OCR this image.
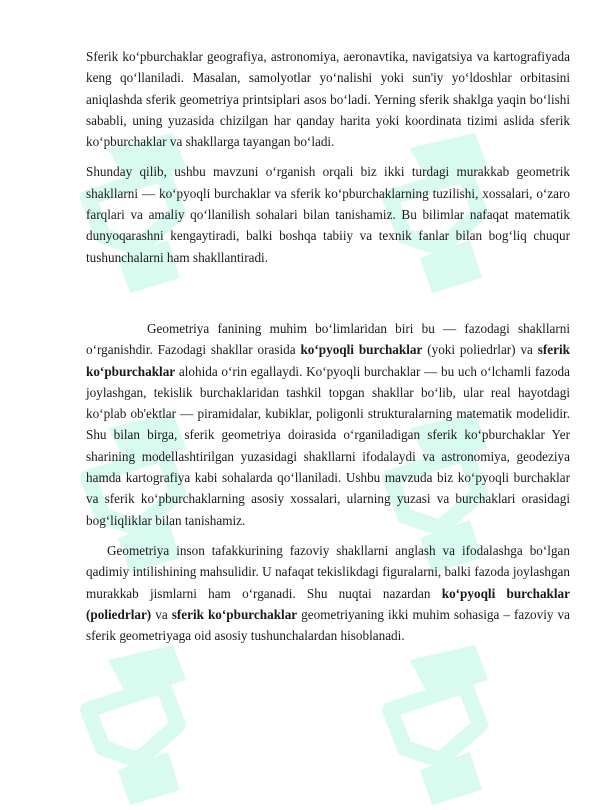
Sferik koʻpburchaklar geografiya, astronomiya, aeronavtika, navigatsiya va kartografiyada keng qoʻllaniladi. Masalan, samolyotlar yoʻnalishi yoki sun'iy yoʻldoshlar orbitasini aniqlashda sferik geometriya printsiplari asos boʻladi. Yerning sferik shaklga yaqin boʻlishi sababli, uning yuzasida chizilgan har qanday harita yoki koordinata tizimi aslida sferik koʻpburchaklar va shakllarga tayangan boʻladi.

Shunday qilib, ushbu mavzuni oʻrganish orqali biz ikki turdagi murakkab geometrik shakllarni — koʻpyoqli burchaklar va sferik koʻpburchaklarning tuzilishi, xossalari, oʻzaro farqlari va amaliy qoʻllanilish sohalari bilan tanishamiz. Bu bilimlar nafaqat matematik dunyoqarashni kengaytiradi, balki boshqa tabiiy va texnik fanlar bilan bogʻliq chuqur tushunchalarni ham shakllantiradi.

Geometriya fanining muhim boʻlimlaridan biri bu — fazodagi shakllarni oʻrganishdir. Fazodagi shakllar orasida koʻpyoqli burchaklar (yoki poliedrlar) va sferik koʻpburchaklar alohida oʻrin egallaydi. Koʻpyoqli burchaklar — bu uch oʻlchamli fazoda joylashgan, tekislik burchaklaridan tashkil topgan shakllar boʻlib, ular real hayotdagi koʻplab ob'ektlar — piramidalar, kubiklar, poligonli strukturalarning matematik modelidir. Shu bilan birga, sferik geometriya doirasida oʻrganiladigan sferik koʻpburchaklar Yer sharining modellashtirilgan yuzasidagi shakllarni ifodalaydi va astronomiya, geodeziya hamda kartografiya kabi sohalarda qoʻllaniladi. Ushbu mavzuda biz koʻpyoqli burchaklar va sferik koʻpburchaklarning asosiy xossalari, ularning yuzasi va burchaklari orasidagi bogʻliqliklar bilan tanishamiz.

Geometriya inson tafakkurining fazoviy shakllarni anglash va ifodalashga boʻlgan qadimiy intilishining mahsulidir. U nafaqat tekislikdagi figuralarni, balki fazoda joylashgan murakkab jismlarni ham oʻrganadi. Shu nuqtai nazardan koʻpyoqli burchaklar (poliedrlar) va sferik koʻpburchaklar geometriyaning ikki muhim sohasiga – fazoviy va sferik geometriyaga oid asosiy tushunchalardan hisoblanadi.
